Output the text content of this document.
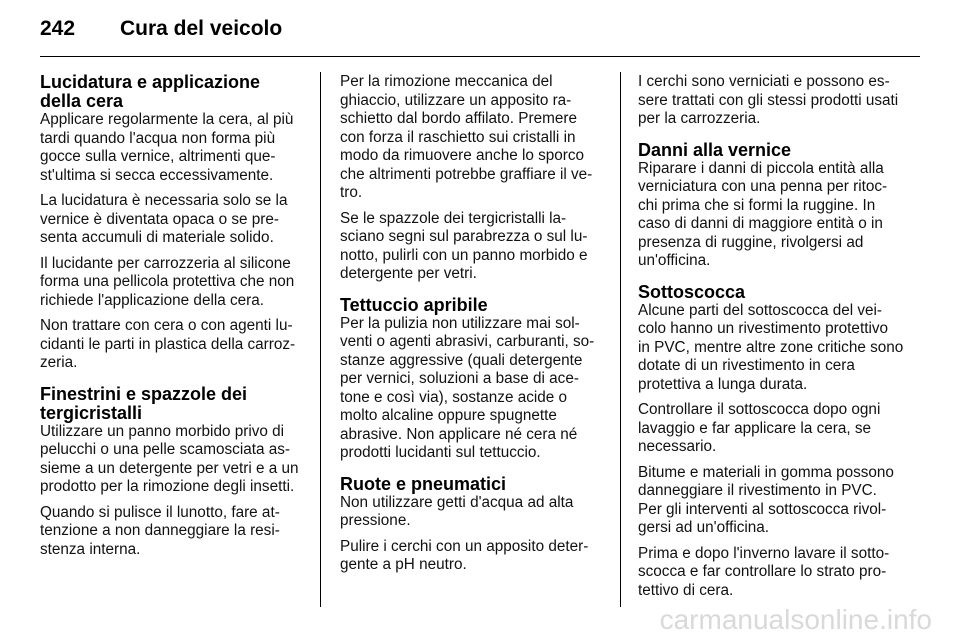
242 Cura del veicolo
Lucidatura e applicazione della cera

Applicare regolarmente la cera, al più tardi quando l'acqua non forma più gocce sulla vernice, altrimenti que-st'ultima si secca eccessivamente.

La lucidatura è necessaria solo se la vernice è diventata opaca o se pre-senta accumuli di materiale solido.

Il lucidante per carrozzeria al silicone forma una pellicola protettiva che non richiede l'applicazione della cera.

Non trattare con cera o con agenti lu-cidanti le parti in plastica della carroz-zeria.

Finestrini e spazzole dei tergicristalli

Utilizzare un panno morbido privo di pelucchi o una pelle scamosciata as-sieme a un detergente per vetri e a un prodotto per la rimozione degli insetti.

Quando si pulisce il lunotto, fare at-tenzione a non danneggiare la resi-stenza interna.

Per la rimozione meccanica del ghiaccio, utilizzare un apposito ra-schietto dal bordo affilato. Premere con forza il raschietto sui cristalli in modo da rimuovere anche lo sporco che altrimenti potrebbe graffiare il ve-tro.

Se le spazzole dei tergicristalli la-sciano segni sul parabrezza o sul lu-notto, pulirli con un panno morbido e detergente per vetri.

Tettuccio apribile

Per la pulizia non utilizzare mai sol-venti o agenti abrasivi, carburanti, so-stanze aggressive (quali detergente per vernici, soluzioni a base di ace-tone e così via), sostanze acide o molto alcaline oppure spugnette abrasive. Non applicare né cera né prodotti lucidanti sul tettuccio.

Ruote e pneumatici

Non utilizzare getti d'acqua ad alta pressione.

Pulire i cerchi con un apposito deter-gente a pH neutro.

I cerchi sono verniciati e possono es-sere trattati con gli stessi prodotti usati per la carrozzeria.

Danni alla vernice

Riparare i danni di piccola entità alla verniciatura con una penna per ritoc-chi prima che si formi la ruggine. In caso di danni di maggiore entità o in presenza di ruggine, rivolgersi ad un'officina.

Sottoscocca

Alcune parti del sottoscocca del vei-colo hanno un rivestimento protettivo in PVC, mentre altre zone critiche sono dotate di un rivestimento in cera protettiva a lunga durata.

Controllare il sottoscocca dopo ogni lavaggio e far applicare la cera, se necessario.

Bitume e materiali in gomma possono danneggiare il rivestimento in PVC. Per gli interventi al sottoscocca rivol-gersi ad un'officina.

Prima e dopo l'inverno lavare il sotto-scocca e far controllare lo strato pro-tettivo di cera.

carmanualsonline.info
